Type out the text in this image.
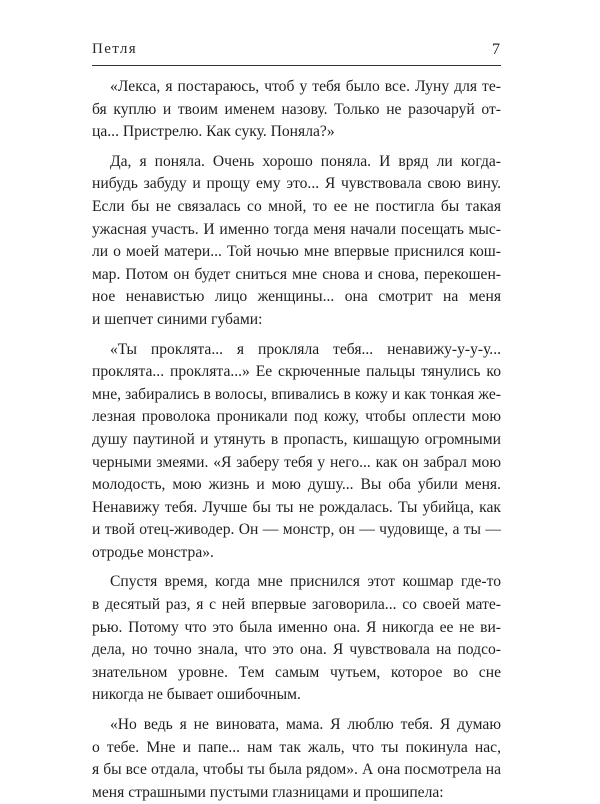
Петля	7

«Лекса, я постараюсь, чтоб у тебя было все. Луну для те-
бя куплю и твоим именем назову. Только не разочаруй от-
ца... Пристрелю. Как суку. Поняла?»

Да, я поняла. Очень хорошо поняла. И вряд ли когда-
нибудь забуду и прощу ему это... Я чувствовала свою вину.
Если бы не связалась со мной, то ее не постигла бы такая
ужасная участь. И именно тогда меня начали посещать мыс-
ли о моей матери... Той ночью мне впервые приснился кош-
мар. Потом он будет сниться мне снова и снова, перекошен-
ное ненавистью лицо женщины... она смотрит на меня
и шепчет синими губами:

«Ты проклята... я прокляла тебя... ненавижу-у-у-у...
проклята... проклята...» Ее скрюченные пальцы тянулись ко
мне, забирались в волосы, впивались в кожу и как тонкая же-
лезная проволока проникали под кожу, чтобы оплести мою
душу паутиной и утянуть в пропасть, кишащую огромными
черными змеями. «Я заберу тебя у него... как он забрал мою
молодость, мою жизнь и мою душу... Вы оба убили меня.
Ненавижу тебя. Лучше бы ты не рождалась. Ты убийца, как
и твой отец-живодер. Он — монстр, он — чудовище, а ты —
отродье монстра».

Спустя время, когда мне приснился этот кошмар где-то
в десятый раз, я с ней впервые заговорила... со своей мате-
рью. Потому что это была именно она. Я никогда ее не ви-
дела, но точно знала, что это она. Я чувствовала на подсо-
знательном уровне. Тем самым чутьем, которое во сне
никогда не бывает ошибочным.

«Но ведь я не виновата, мама. Я люблю тебя. Я думаю
о тебе. Мне и папе... нам так жаль, что ты покинула нас,
я бы все отдала, чтобы ты была рядом». А она посмотрела на
меня страшными пустыми глазницами и прошипела:
